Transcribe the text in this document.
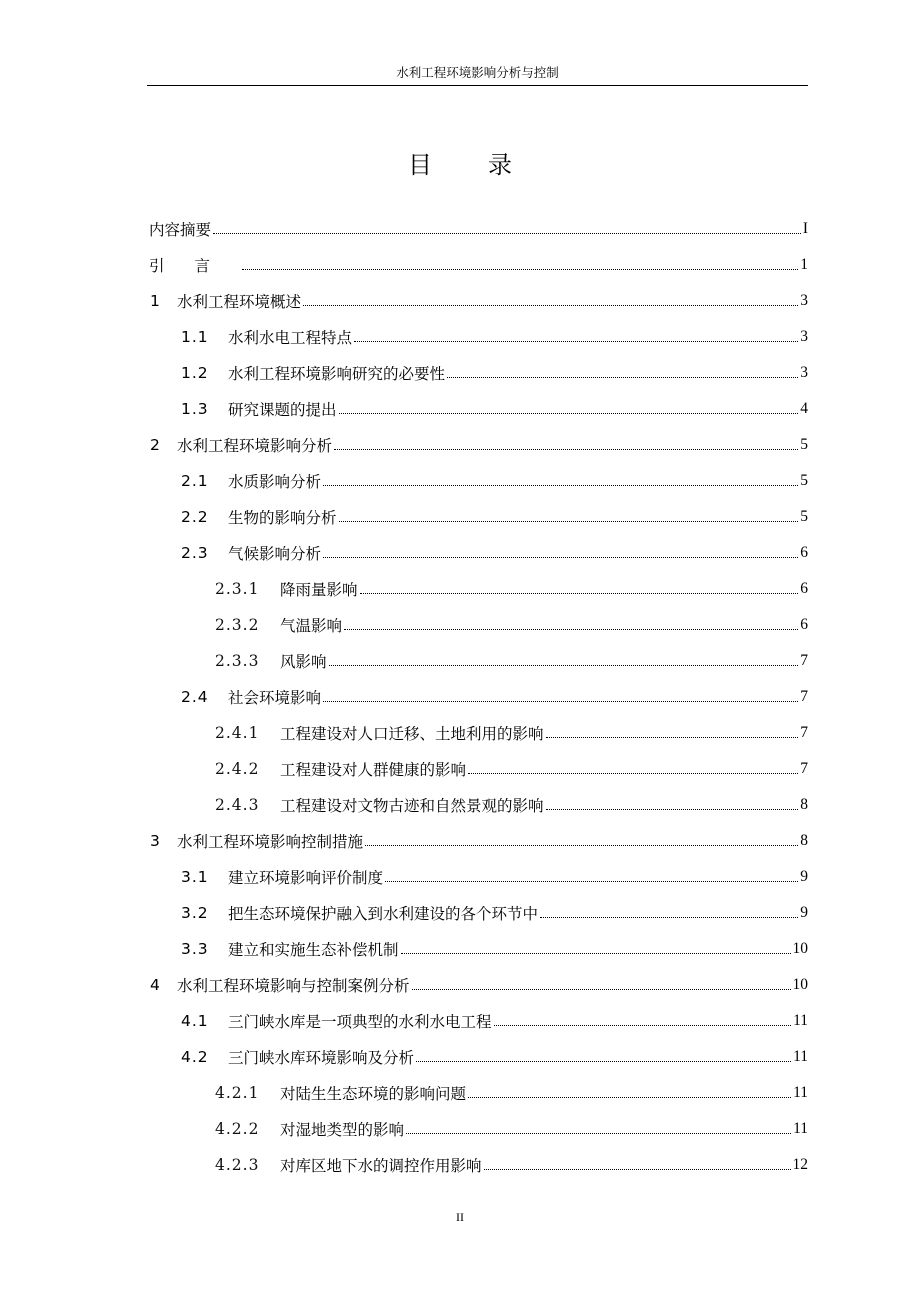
水利工程环境影响分析与控制
目 录
内容摘要	I
引言	1
1	水利工程环境概述	3
1.1	水利水电工程特点	3
1.2	水利工程环境影响研究的必要性	3
1.3	研究课题的提出	4
2	水利工程环境影响分析	5
2.1	水质影响分析	5
2.2	生物的影响分析	5
2.3	气候影响分析	6
2.3.1	降雨量影响	6
2.3.2	气温影响	6
2.3.3	风影响	7
2.4	社会环境影响	7
2.4.1	工程建设对人口迁移、土地利用的影响	7
2.4.2	工程建设对人群健康的影响	7
2.4.3	工程建设对文物古迹和自然景观的影响	8
3	水利工程环境影响控制措施	8
3.1	建立环境影响评价制度	9
3.2	把生态环境保护融入到水利建设的各个环节中	9
3.3	建立和实施生态补偿机制	10
4	水利工程环境影响与控制案例分析	10
4.1	三门峡水库是一项典型的水利水电工程	11
4.2	三门峡水库环境影响及分析	11
4.2.1	对陆生生态环境的影响问题	11
4.2.2	对湿地类型的影响	11
4.2.3	对库区地下水的调控作用影响	12
II
